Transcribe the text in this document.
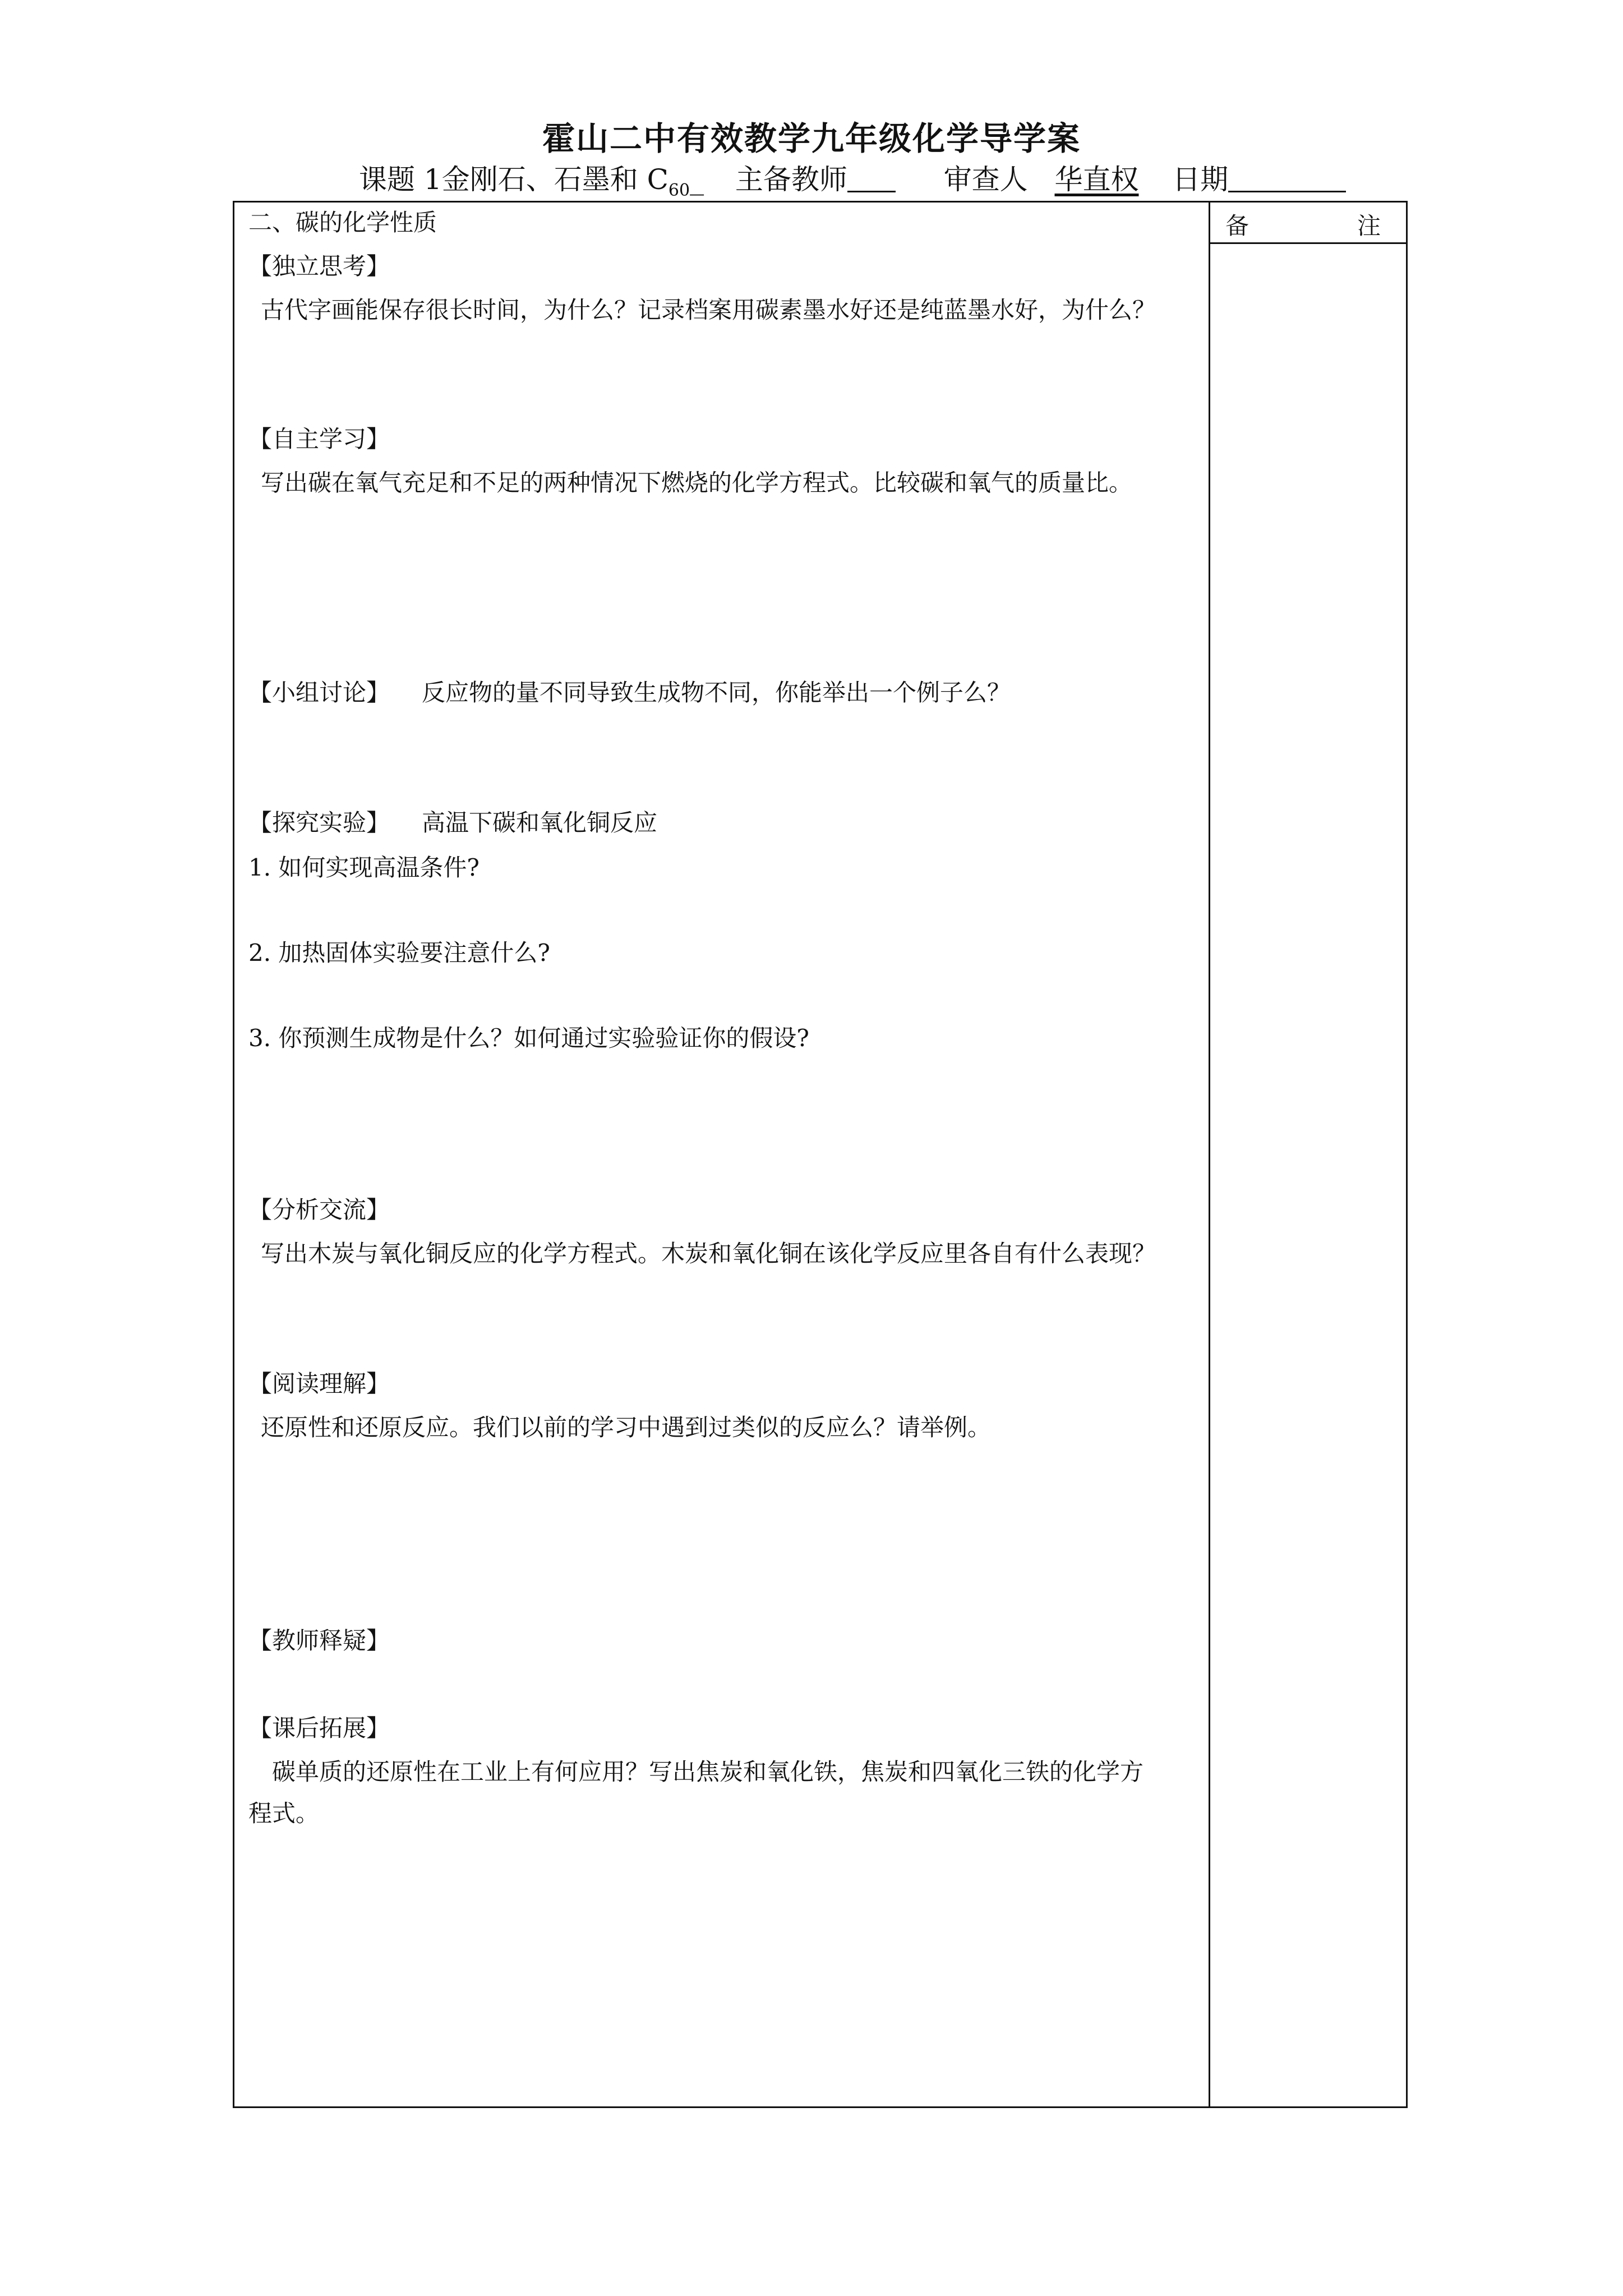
霍山二中有效教学九年级化学导学案
课题 1金刚石、石墨和 C60_ 主备教师	审查人 华直权 日期
备	注
二、碳的化学性质
【独立思考】
古代字画能保存很长时间，为什么？记录档案用碳素墨水好还是纯蓝墨水好，为什么？
【自主学习】
写出碳在氧气充足和不足的两种情况下燃烧的化学方程式。比较碳和氧气的质量比。
【小组讨论】 反应物的量不同导致生成物不同，你能举出一个例子么？
【探究实验】 高温下碳和氧化铜反应
1. 如何实现高温条件?
2. 加热固体实验要注意什么?
3. 你预测生成物是什么？如何通过实验验证你的假设?
【分析交流】
写出木炭与氧化铜反应的化学方程式。木炭和氧化铜在该化学反应里各自有什么表现？
【阅读理解】
还原性和还原反应。我们以前的学习中遇到过类似的反应么？请举例。
【教师释疑】
【课后拓展】
碳单质的还原性在工业上有何应用？写出焦炭和氧化铁，焦炭和四氧化三铁的化学方
程式。
